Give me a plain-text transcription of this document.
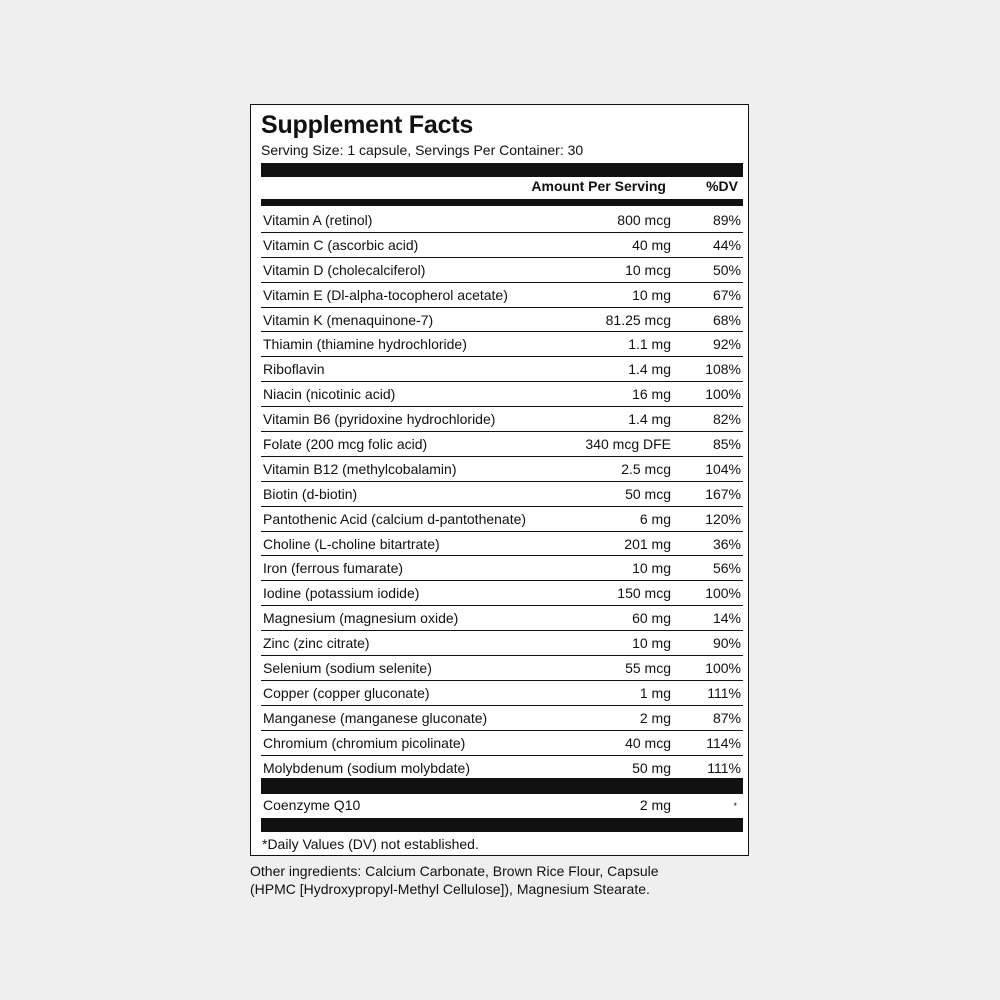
Supplement Facts
Serving Size: 1 capsule, Servings Per Container: 30
Amount Per Serving	%DV
Vitamin A (retinol)	800 mcg	89%
Vitamin C (ascorbic acid)	40 mg	44%
Vitamin D (cholecalciferol)	10 mcg	50%
Vitamin E (Dl-alpha-tocopherol acetate)	10 mg	67%
Vitamin K (menaquinone-7)	81.25 mcg	68%
Thiamin (thiamine hydrochloride)	1.1 mg	92%
Riboflavin	1.4 mg 108%
Niacin (nicotinic acid)	16 mg 100%
Vitamin B6 (pyridoxine hydrochloride)	1.4 mg	82%
Folate (200 mcg folic acid)	340 mcg DFE	85%
Vitamin B12 (methylcobalamin)	2.5 mcg 104%
Biotin (d-biotin)	50 mcg 167%
Pantothenic Acid (calcium d-pantothenate)	6 mg 120%
Choline (L-choline bitartrate)	201 mg	36%
Iron (ferrous fumarate)	10 mg	56%
Iodine (potassium iodide)	150 mcg 100%
Magnesium (magnesium oxide)	60 mg	14%
Zinc (zinc citrate)	10 mg	90%
Selenium (sodium selenite)	55 mcg 100%
Copper (copper gluconate)	1 mg	111%
Manganese (manganese gluconate)	2 mg	87%
Chromium (chromium picolinate)	40 mcg	114%
Molybdenum (sodium molybdate)	50 mg	111%
Coenzyme Q10	2 mg	*
*Daily Values (DV) not established.
Other ingredients: Calcium Carbonate, Brown Rice Flour, Capsule
(HPMC [Hydroxypropyl-Methyl Cellulose]), Magnesium Stearate.
